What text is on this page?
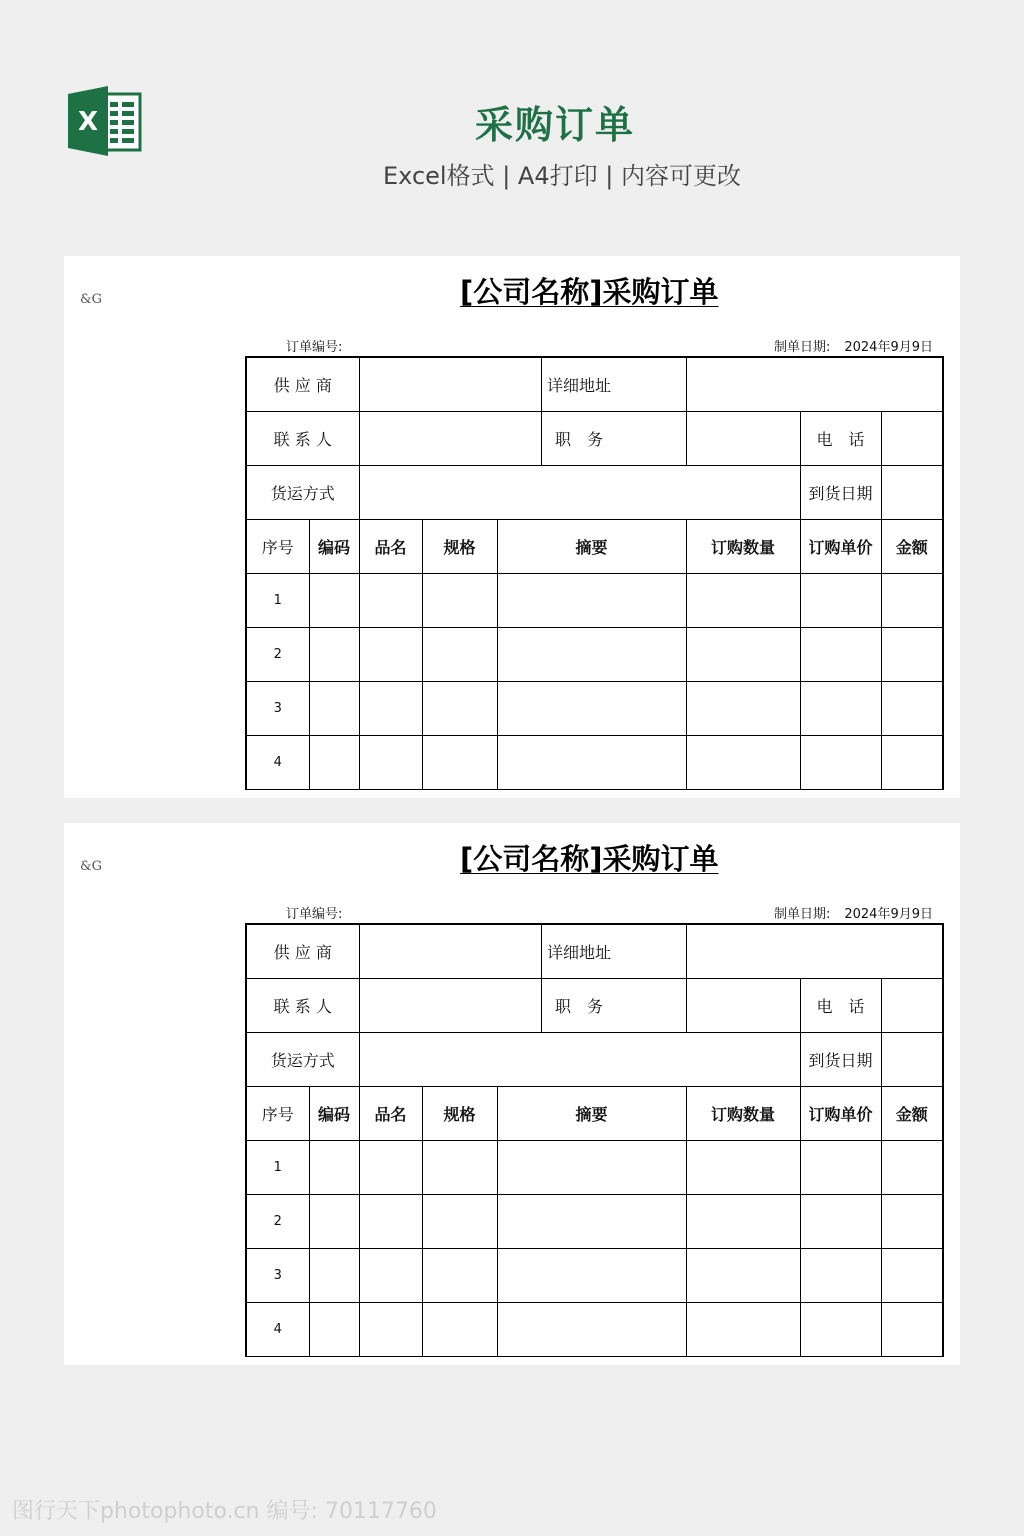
X	采购订单
Excel格式 | A4打印 | 内容可更改
&G	[公司名称]采购订单
订单编号:	制单日期: 2024年9月9日
供 应 商		详细地址					

联 系 人		职　务				电　话	
货运方式						到货日期	
序号	编码	品名	规格	摘要	订购数量	订购单价	金额
1							
2							
3							
4							
&G	[公司名称]采购订单
订单编号:	制单日期: 2024年9月9日
供 应 商		详细地址					

联 系 人		职　务				电　话	
货运方式						到货日期	
序号	编码	品名	规格	摘要	订购数量	订购单价	金额
1							
2							
3							
4							
图行天下photophoto.cn 编号: 70117760
